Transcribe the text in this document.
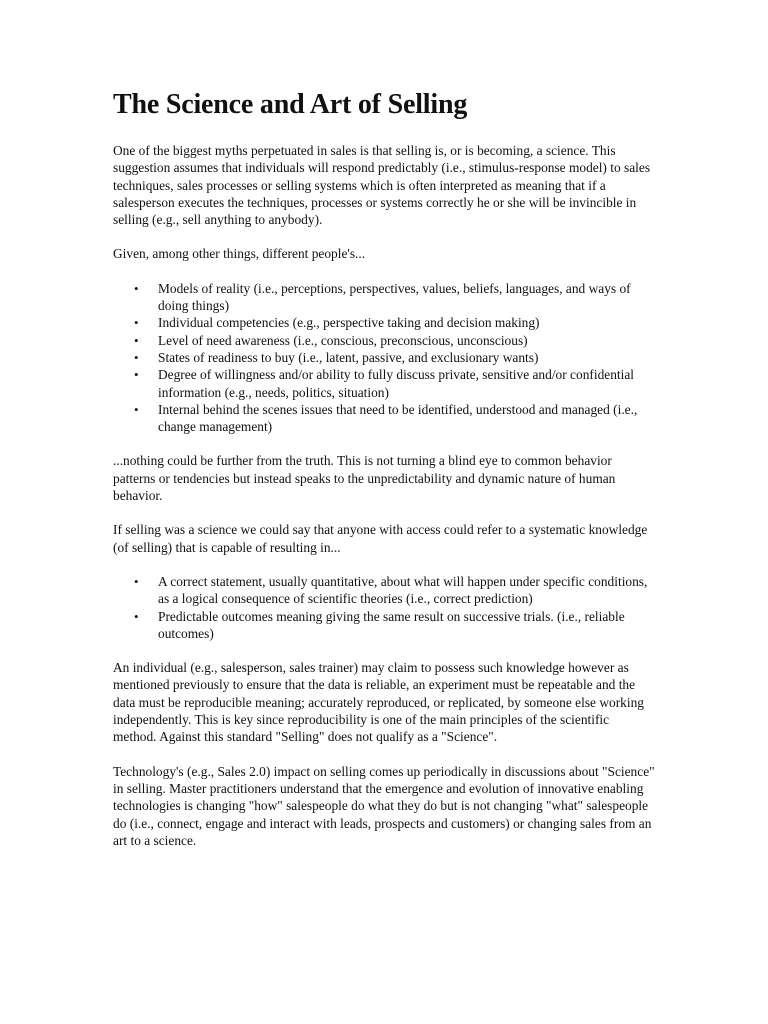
The Science and Art of Selling

One of the biggest myths perpetuated in sales is that selling is, or is becoming, a science. This suggestion assumes that individuals will respond predictably (i.e., stimulus-response model) to sales techniques, sales processes or selling systems which is often interpreted as meaning that if a salesperson executes the techniques, processes or systems correctly he or she will be invincible in selling (e.g., sell anything to anybody).

Given, among other things, different people's...

• Models of reality (i.e., perceptions, perspectives, values, beliefs, languages, and ways of doing things)
• Individual competencies (e.g., perspective taking and decision making)
• Level of need awareness (i.e., conscious, preconscious, unconscious)
• States of readiness to buy (i.e., latent, passive, and exclusionary wants)
• Degree of willingness and/or ability to fully discuss private, sensitive and/or confidential information (e.g., needs, politics, situation)
• Internal behind the scenes issues that need to be identified, understood and managed (i.e., change management)

...nothing could be further from the truth. This is not turning a blind eye to common behavior patterns or tendencies but instead speaks to the unpredictability and dynamic nature of human behavior.

If selling was a science we could say that anyone with access could refer to a systematic knowledge (of selling) that is capable of resulting in...

• A correct statement, usually quantitative, about what will happen under specific conditions, as a logical consequence of scientific theories (i.e., correct prediction)
• Predictable outcomes meaning giving the same result on successive trials. (i.e., reliable outcomes)

An individual (e.g., salesperson, sales trainer) may claim to possess such knowledge however as mentioned previously to ensure that the data is reliable, an experiment must be repeatable and the data must be reproducible meaning; accurately reproduced, or replicated, by someone else working independently. This is key since reproducibility is one of the main principles of the scientific method. Against this standard "Selling" does not qualify as a "Science".

Technology's (e.g., Sales 2.0) impact on selling comes up periodically in discussions about "Science" in selling. Master practitioners understand that the emergence and evolution of innovative enabling technologies is changing "how" salespeople do what they do but is not changing "what" salespeople do (i.e., connect, engage and interact with leads, prospects and customers) or changing sales from an art to a science.
